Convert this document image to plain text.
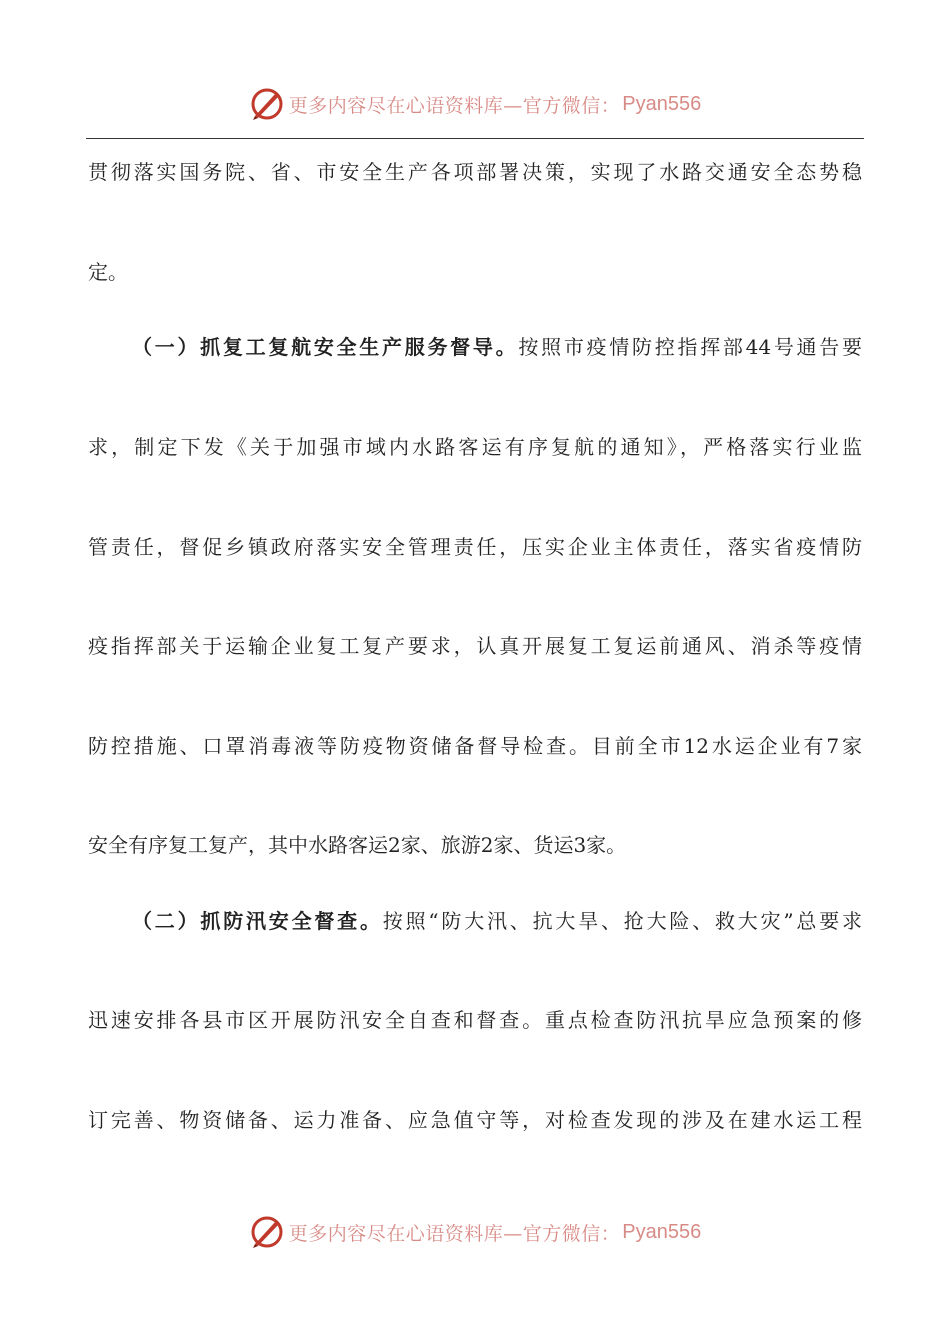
更多内容尽在心语资料库—官方微信： Pyan556
贯彻落实国务院、省、市安全生产各项部署决策，实现了水路交通安全态势稳
定。
（一）抓复工复航安全生产服务督导。按照市疫情防控指挥部44号通告要
求，制定下发《关于加强市域内水路客运有序复航的通知》，严格落实行业监
管责任，督促乡镇政府落实安全管理责任，压实企业主体责任，落实省疫情防
疫指挥部关于运输企业复工复产要求，认真开展复工复运前通风、消杀等疫情
防控措施、口罩消毒液等防疫物资储备督导检查。目前全市12水运企业有7家
安全有序复工复产，其中水路客运2家、旅游2家、货运3家。
（二）抓防汛安全督查。按照“防大汛、抗大旱、抢大险、救大灾”总要求
迅速安排各县市区开展防汛安全自查和督查。重点检查防汛抗旱应急预案的修
订完善、物资储备、运力准备、应急值守等，对检查发现的涉及在建水运工程
更多内容尽在心语资料库—官方微信： Pyan556
